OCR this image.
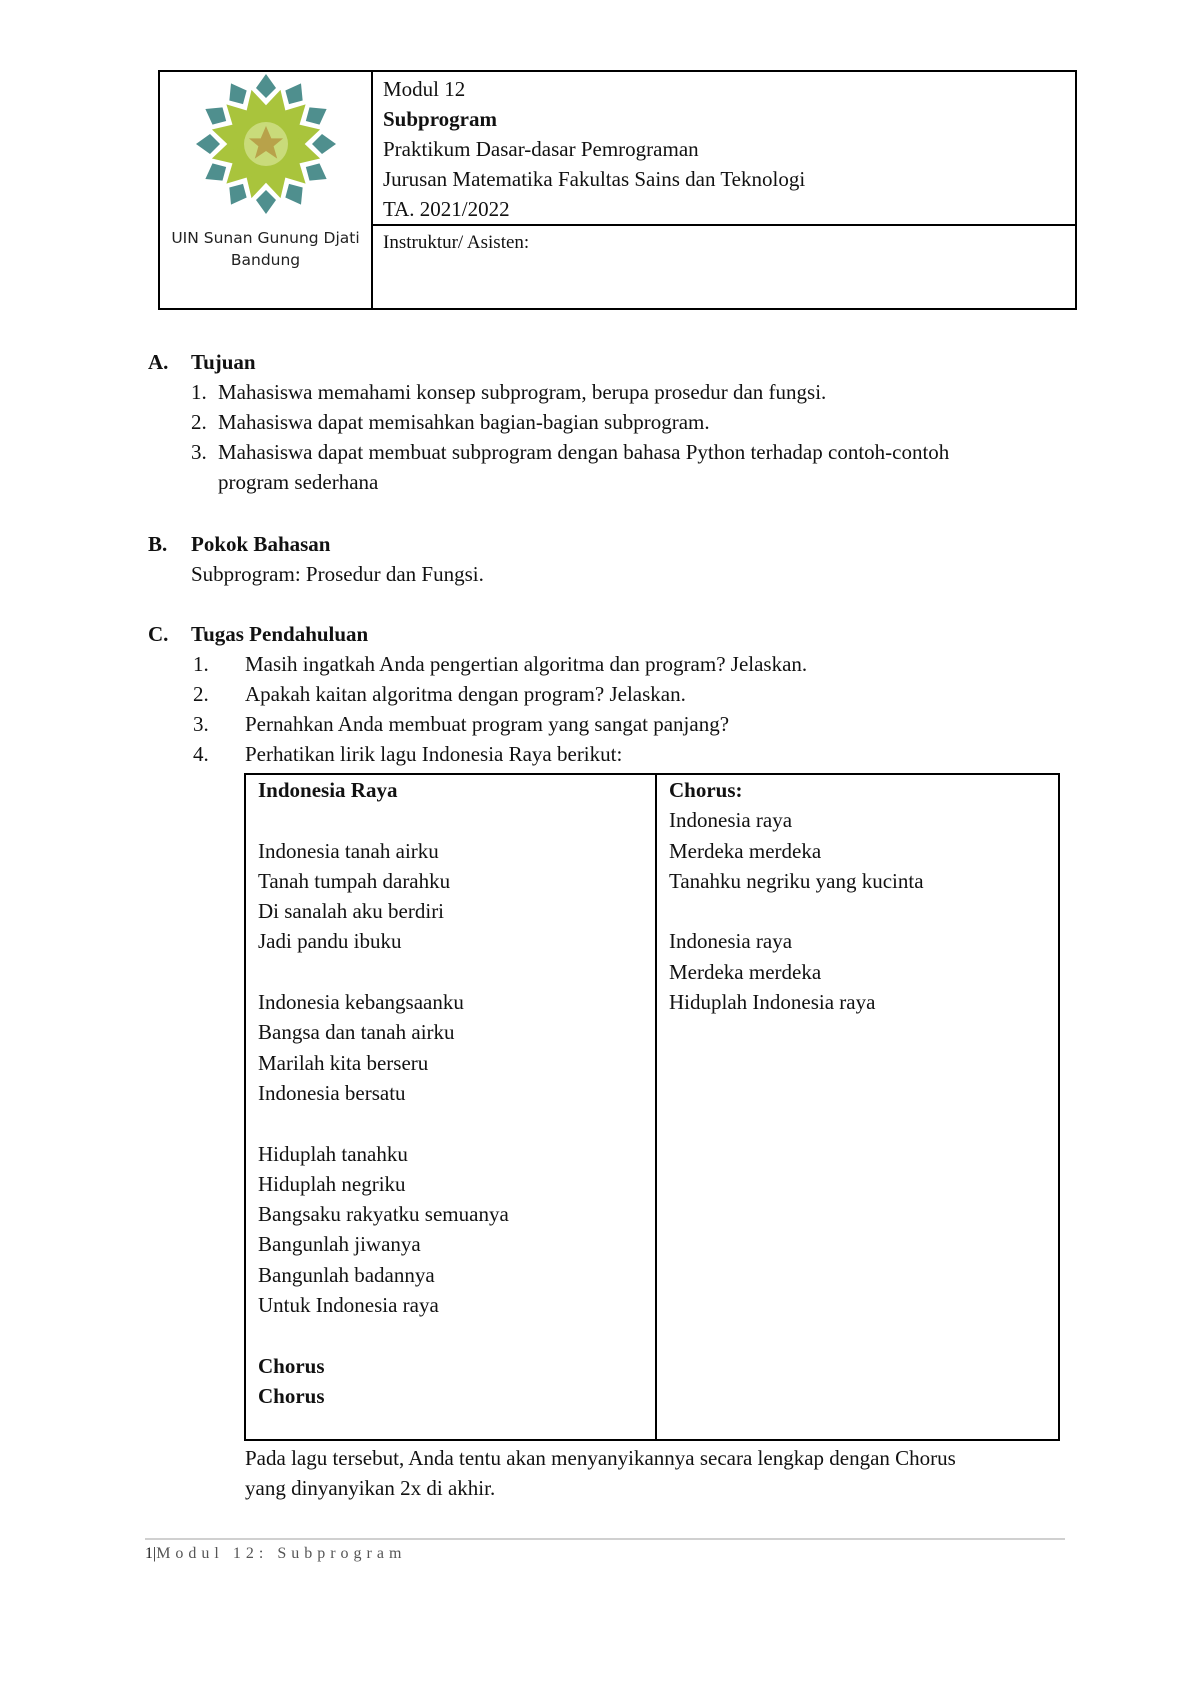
UIN Sunan Gunung Djati Bandung
Modul 12
Subprogram
Praktikum Dasar-dasar Pemrograman
Jurusan Matematika Fakultas Sains dan Teknologi
TA. 2021/2022
Instruktur/ Asisten:
A. Tujuan
1. Mahasiswa memahami konsep subprogram, berupa prosedur dan fungsi.
2. Mahasiswa dapat memisahkan bagian-bagian subprogram.
3. Mahasiswa dapat membuat subprogram dengan bahasa Python terhadap contoh-contoh
program sederhana
B. Pokok Bahasan
Subprogram: Prosedur dan Fungsi.
C. Tugas Pendahuluan
1. Masih ingatkah Anda pengertian algoritma dan program? Jelaskan.
2. Apakah kaitan algoritma dengan program? Jelaskan.
3. Pernahkan Anda membuat program yang sangat panjang?
4. Perhatikan lirik lagu Indonesia Raya berikut:
Indonesia Raya
Indonesia tanah airku
Tanah tumpah darahku
Di sanalah aku berdiri
Jadi pandu ibuku
Indonesia kebangsaanku
Bangsa dan tanah airku
Marilah kita berseru
Indonesia bersatu
Hiduplah tanahku
Hiduplah negriku
Bangsaku rakyatku semuanya
Bangunlah jiwanya
Bangunlah badannya
Untuk Indonesia raya
Chorus
Chorus
Chorus:
Indonesia raya
Merdeka merdeka
Tanahku negriku yang kucinta
Indonesia raya
Merdeka merdeka
Hiduplah Indonesia raya
Pada lagu tersebut, Anda tentu akan menyanyikannya secara lengkap dengan Chorus
yang dinyanyikan 2x di akhir.
1|Modul 12: Subprogram
